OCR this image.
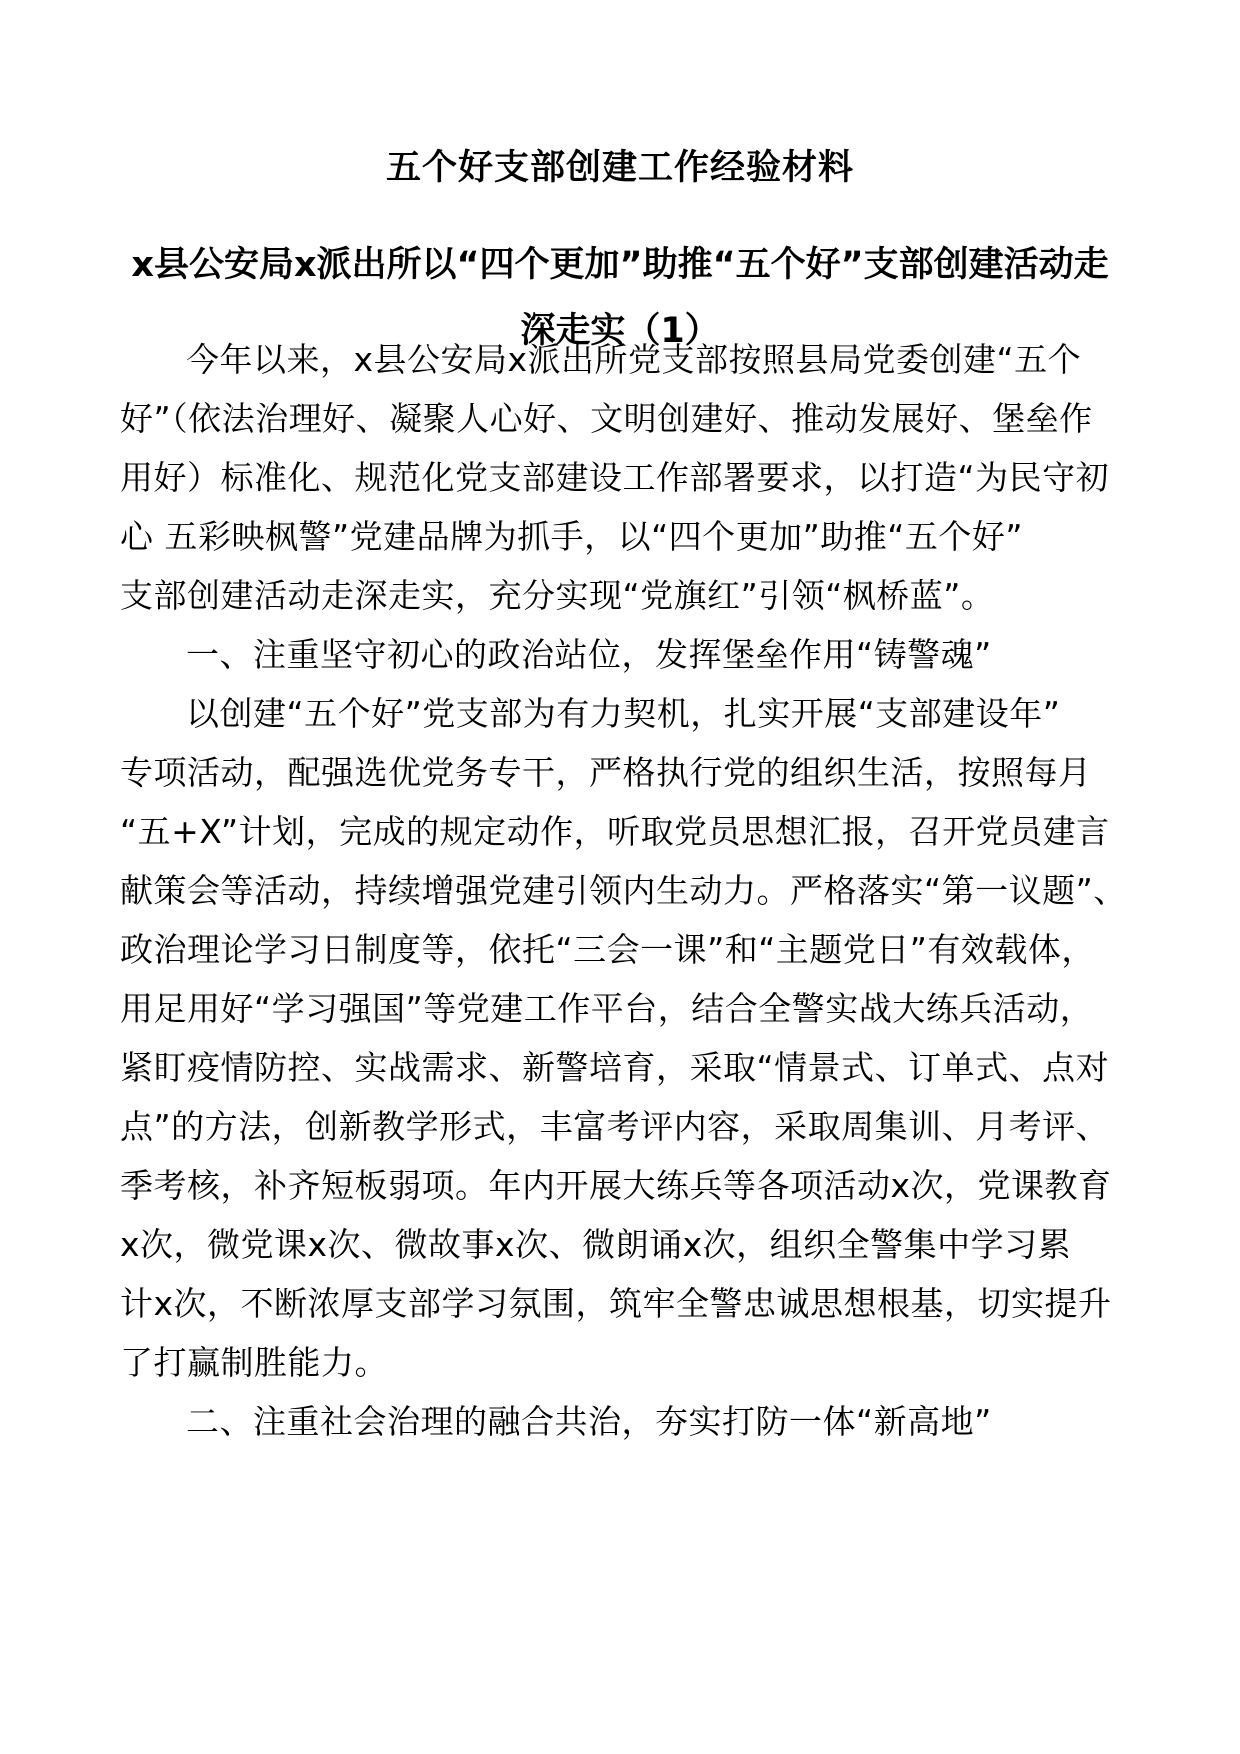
五个好支部创建工作经验材料
x县公安局x派出所以“四个更加”助推“五个好”支部创建活动走深走实（1）
今年以来，x县公安局x派出所党支部按照县局党委创建“五个
好”（依法治理好、凝聚人心好、文明创建好、推动发展好、堡垒作
用好）标准化、规范化党支部建设工作部署要求，以打造“为民守初
心 五彩映枫警”党建品牌为抓手，以“四个更加”助推“五个好”
支部创建活动走深走实，充分实现“党旗红”引领“枫桥蓝”。
一、注重坚守初心的政治站位，发挥堡垒作用“铸警魂”
以创建“五个好”党支部为有力契机，扎实开展“支部建设年”
专项活动，配强选优党务专干，严格执行党的组织生活，按照每月
“五+X”计划，完成的规定动作，听取党员思想汇报，召开党员建言
献策会等活动，持续增强党建引领内生动力。严格落实“第一议题”、
政治理论学习日制度等，依托“三会一课”和“主题党日”有效载体，
用足用好“学习强国”等党建工作平台，结合全警实战大练兵活动，
紧盯疫情防控、实战需求、新警培育，采取“情景式、订单式、点对
点”的方法，创新教学形式，丰富考评内容，采取周集训、月考评、
季考核，补齐短板弱项。年内开展大练兵等各项活动x次，党课教育
x次，微党课x次、微故事x次、微朗诵x次，组织全警集中学习累
计x次，不断浓厚支部学习氛围，筑牢全警忠诚思想根基，切实提升
了打赢制胜能力。
二、注重社会治理的融合共治，夯实打防一体“新高地”
